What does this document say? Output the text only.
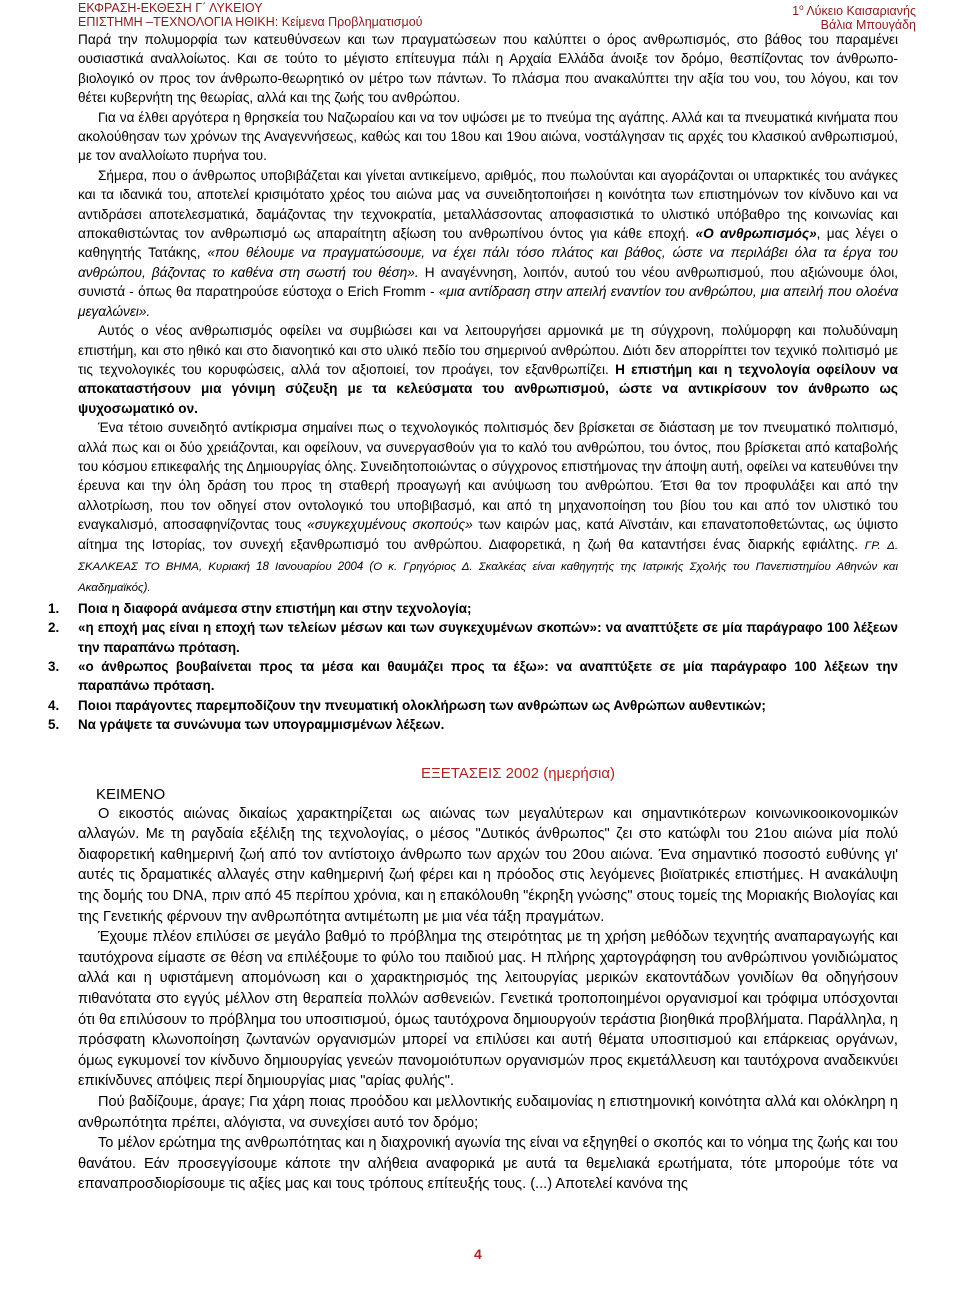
ΕΚΦΡΑΣΗ-ΕΚΘΕΣΗ Γ΄ ΛΥΚΕΙΟΥ
ΕΠΙΣΤΗΜΗ –ΤΕΧΝΟΛΟΓΙΑ ΗΘΙΚΗ: Κείμενα Προβληματισμού
$1^o$ Λύκειο Καισαριανής
Βάλια Μπουγάδη

Παρά την πολυμορφία των κατευθύνσεων και των πραγματώσεων που καλύπτει ο όρος ανθρωπισμός, στο βάθος του παραμένει ουσιαστικά αναλλοίωτος. Και σε τούτο το μέγιστο επίτευγμα πάλι η Αρχαία Ελλάδα άνοιξε τον δρόμο, θεσπίζοντας τον άνθρωπο-βιολογικό ον προς τον άνθρωπο-θεωρητικό ον μέτρο των πάντων. Το πλάσμα που ανακαλύπτει την αξία του νου, του λόγου, και τον θέτει κυβερνήτη της θεωρίας, αλλά και της ζωής του ανθρώπου.

Για να έλθει αργότερα η θρησκεία του Ναζωραίου και να τον υψώσει με το πνεύμα της αγάπης. Αλλά και τα πνευματικά κινήματα που ακολούθησαν των χρόνων της Αναγεννήσεως, καθώς και του 18ου και 19ου αιώνα, νοστάλγησαν τις αρχές του κλασικού ανθρωπισμού, με τον αναλλοίωτο πυρήνα του.

Σήμερα, που ο άνθρωπος υποβιβάζεται και γίνεται αντικείμενο, αριθμός, που πωλούνται και αγοράζονται οι υπαρκτικές του ανάγκες και τα ιδανικά του, αποτελεί κρισιμότατο χρέος του αιώνα μας να συνειδητοποιήσει η κοινότητα των επιστημόνων τον κίνδυνο και να αντιδράσει αποτελεσματικά, δαμάζοντας την τεχνοκρατία, μεταλλάσσοντας αποφασιστικά το υλιστικό υπόβαθρο της κοινωνίας και αποκαθιστώντας τον ανθρωπισμό ως απαραίτητη αξίωση του ανθρωπίνου όντος για κάθε εποχή. «Ο ανθρωπισμός», μας λέγει ο καθηγητής Τατάκης, «που θέλουμε να πραγματώσουμε, να έχει πάλι τόσο πλάτος και βάθος, ώστε να περιλάβει όλα τα έργα του ανθρώπου, βάζοντας το καθένα στη σωστή του θέση». Η αναγέννηση, λοιπόν, αυτού του νέου ανθρωπισμού, που αξιώνουμε όλοι, συνιστά - όπως θα παρατηρούσε εύστοχα ο Erich Fromm - «μια αντίδραση στην απειλή εναντίον του ανθρώπου, μια απειλή που ολοένα μεγαλώνει».

Αυτός ο νέος ανθρωπισμός οφείλει να συμβιώσει και να λειτουργήσει αρμονικά με τη σύγχρονη, πολύμορφη και πολυδύναμη επιστήμη, και στο ηθικό και στο διανοητικό και στο υλικό πεδίο του σημερινού ανθρώπου. Διότι δεν απορρίπτει τον τεχνικό πολιτισμό με τις τεχνολογικές του κορυφώσεις, αλλά τον αξιοποιεί, τον προάγει, τον εξανθρωπίζει. Η επιστήμη και η τεχνολογία οφείλουν να αποκαταστήσουν μια γόνιμη σύζευξη με τα κελεύσματα του ανθρωπισμού, ώστε να αντικρίσουν τον άνθρωπο ως ψυχοσωματικό ον.

Ένα τέτοιο συνειδητό αντίκρισμα σημαίνει πως ο τεχνολογικός πολιτισμός δεν βρίσκεται σε διάσταση με τον πνευματικό πολιτισμό, αλλά πως και οι δύο χρειάζονται, και οφείλουν, να συνεργασθούν για το καλό του ανθρώπου, του όντος, που βρίσκεται από καταβολής του κόσμου επικεφαλής της Δημιουργίας όλης. Συνειδητοποιώντας ο σύγχρονος επιστήμονας την άποψη αυτή, οφείλει να κατευθύνει την έρευνα και την όλη δράση του προς τη σταθερή προαγωγή και ανύψωση του ανθρώπου. Έτσι θα τον προφυλάξει και από την αλλοτρίωση, που τον οδηγεί στον οντολογικό του υποβιβασμό, και από τη μηχανοποίηση του βίου του και από τον υλιστικό του εναγκαλισμό, αποσαφηνίζοντας τους «συγκεχυμένους σκοπούς» των καιρών μας, κατά Αϊνστάιν, και επανατοποθετώντας, ως ύψιστο αίτημα της Ιστορίας, τον συνεχή εξανθρωπισμό του ανθρώπου. Διαφορετικά, η ζωή θα καταντήσει ένας διαρκής εφιάλτης. ΓΡ. Δ. ΣΚΑΛΚΕΑΣ ΤΟ ΒΗΜΑ, Κυριακή 18 Ιανουαρίου 2004 (Ο κ. Γρηγόριος Δ. Σκαλκέας είναι καθηγητής της Ιατρικής Σχολής του Πανεπιστημίου Αθηνών και Ακαδημαϊκός).

1. Ποια η διαφορά ανάμεσα στην επιστήμη και στην τεχνολογία;
2. «η εποχή μας είναι η εποχή των τελείων μέσων και των συγκεχυμένων σκοπών»: να αναπτύξετε σε μία παράγραφο 100 λέξεων την παραπάνω πρόταση.
3. «ο άνθρωπος βουβαίνεται προς τα μέσα και θαυμάζει προς τα έξω»: να αναπτύξετε σε μία παράγραφο 100 λέξεων την παραπάνω πρόταση.
4. Ποιοι παράγοντες παρεμποδίζουν την πνευματική ολοκλήρωση των ανθρώπων ως Ανθρώπων αυθεντικών;
5. Να γράψετε τα συνώνυμα των υπογραμμισμένων λέξεων.
ΕΞΕΤΑΣΕΙΣ 2002 (ημερήσια)
ΚΕΙΜΕΝΟ

Ο εικοστός αιώνας δικαίως χαρακτηρίζεται ως αιώνας των μεγαλύτερων και σημαντικότερων κοινωνικοοικονομικών αλλαγών. Με τη ραγδαία εξέλιξη της τεχνολογίας, ο μέσος "Δυτικός άνθρωπος" ζει στο κατώφλι του 21ου αιώνα μία πολύ διαφορετική καθημερινή ζωή από τον αντίστοιχο άνθρωπο των αρχών του 20ου αιώνα. Ένα σημαντικό ποσοστό ευθύνης γι' αυτές τις δραματικές αλλαγές στην καθημερινή ζωή φέρει και η πρόοδος στις λεγόμενες βιοϊατρικές επιστήμες. Η ανακάλυψη της δομής του DNA, πριν από 45 περίπου χρόνια, και η επακόλουθη "έκρηξη γνώσης" στους τομείς της Μοριακής Βιολογίας και της Γενετικής φέρνουν την ανθρωπότητα αντιμέτωπη με μια νέα τάξη πραγμάτων.

Έχουμε πλέον επιλύσει σε μεγάλο βαθμό το πρόβλημα της στειρότητας με τη χρήση μεθόδων τεχνητής αναπαραγωγής και ταυτόχρονα είμαστε σε θέση να επιλέξουμε το φύλο του παιδιού μας. Η πλήρης χαρτογράφηση του ανθρώπινου γονιδιώματος αλλά και η υφιστάμενη απομόνωση και ο χαρακτηρισμός της λειτουργίας μερικών εκατοντάδων γονιδίων θα οδηγήσουν πιθανότατα στο εγγύς μέλλον στη θεραπεία πολλών ασθενειών. Γενετικά τροποποιημένοι οργανισμοί και τρόφιμα υπόσχονται ότι θα επιλύσουν το πρόβλημα του υποσιτισμού, όμως ταυτόχρονα δημιουργούν τεράστια βιοηθικά προβλήματα. Παράλληλα, η πρόσφατη κλωνοποίηση ζωντανών οργανισμών μπορεί να επιλύσει και αυτή θέματα υποσιτισμού και επάρκειας οργάνων, όμως εγκυμονεί τον κίνδυνο δημιουργίας γενεών πανομοιότυπων οργανισμών προς εκμετάλλευση και ταυτόχρονα αναδεικνύει επικίνδυνες απόψεις περί δημιουργίας μιας "αρίας φυλής".

Πού βαδίζουμε, άραγε; Για χάρη ποιας προόδου και μελλοντικής ευδαιμονίας η επιστημονική κοινότητα αλλά και ολόκληρη η ανθρωπότητα πρέπει, αλόγιστα, να συνεχίσει αυτό τον δρόμο;

Το μέλον ερώτημα της ανθρωπότητας και η διαχρονική αγωνία της είναι να εξηγηθεί ο σκοπός και το νόημα της ζωής και του θανάτου. Εάν προσεγγίσουμε κάποτε την αλήθεια αναφορικά με αυτά τα θεμελιακά ερωτήματα, τότε μπορούμε τότε να επαναπροσδιορίσουμε τις αξίες μας και τους τρόπους επίτευξής τους. (...) Αποτελεί κανόνα της

4
